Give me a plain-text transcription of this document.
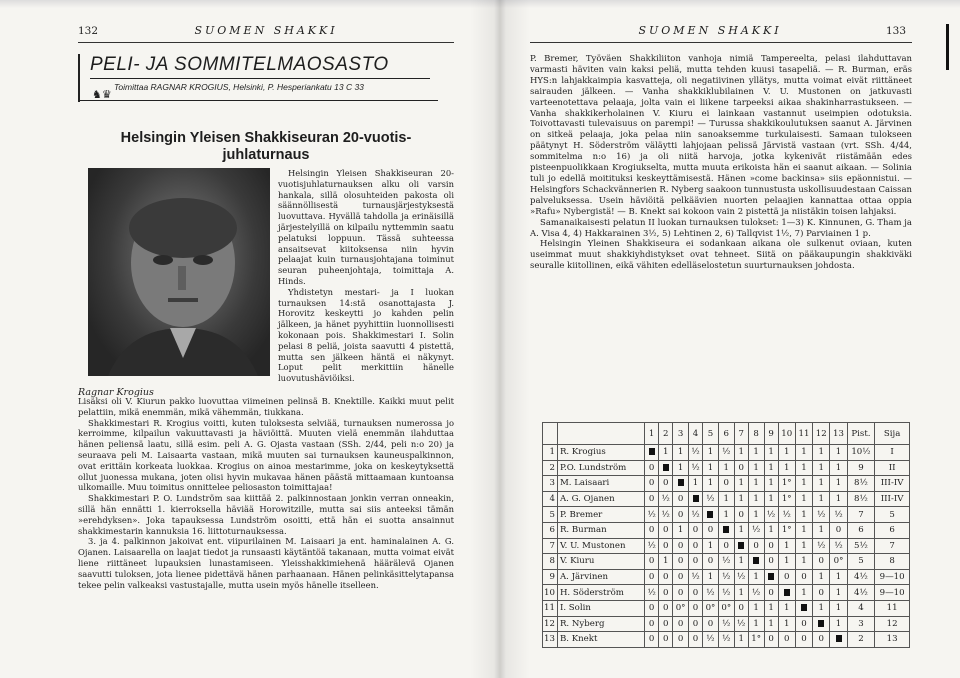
132	SUOMEN SHAKKI
PELI- JA SOMMITELMAOSASTO
♞♛
Toimittaa RAGNAR KROGIUS, Helsinki, P. Hesperiankatu 13 C 33
Helsingin Yleisen Shakkiseuran 20-vuotis-
juhlaturnaus
Ragnar Krogius

Helsingin Yleisen Shakkiseuran 20-vuotisjuhlaturnauksen alku oli varsin hankala, sillä olosuhteiden pakosta oli säännöllisestä turnausjärjestyksestä luovuttava. Hyvällä tahdolla ja erinäisillä järjestelyillä on kilpailu nyttemmin saatu pelatuksi loppuun. Tässä suhteessa ansaitsevat kiitoksensa niin hyvin pelaajat kuin turnausjohtajana toiminut seuran puheenjohtaja, toimittaja A. Hinds.

Yhdistetyn mestari- ja I luokan turnauksen 14:stä osanottajasta J. Horovitz keskeytti jo kahden pelin jälkeen, ja hänet pyyhittiin luonnollisesti kokonaan pois. Shakkimestari I. Solin pelasi 8 peliä, joista saavutti 4 pistettä, mutta sen jälkeen häntä ei näkynyt. Loput pelit merkittiin hänelle luovutushäviöiksi.

Lisäksi oli V. Kiurun pakko luovuttaa viimeinen pelinsä B. Knektille. Kaikki muut pelit pelattiin, mikä enemmän, mikä vähemmän, tiukkana.

Shakkimestari R. Krogius voitti, kuten tuloksesta selviää, turnauksen numerossa jo kerroimme, kilpailun vakuuttavasti ja häviöittä. Muuten vielä enemmän ilahduttaa hänen peliensä laatu, sillä esim. peli A. G. Ojasta vastaan (SSh. 2/44, peli n:o 20) ja seuraava peli M. Laisaarta vastaan, mikä muuten sai turnauksen kauneuspalkinnon, ovat erittäin korkeata luokkaa. Krogius on ainoa mestarimme, joka on keskeytyksettä ollut juonessa mukana, joten olisi hyvin mukavaa hänen päästä mittaamaan kuntoansa ulkomaille. Muu toimitus onnittelee peliosaston toimittajaa!

Shakkimestari P. O. Lundström saa kiittää 2. palkinnostaan jonkin verran onneakin, sillä hän ennätti 1. kierroksella häviää Horowitzille, mutta sai siis anteeksi tämän »erehdyksen». Joka tapauksessa Lundström osoitti, että hän ei suotta ansainnut shakkimestarin kannuksia 16. liittoturnauksessa.

3. ja 4. palkinnon jakoivat ent. viipurilainen M. Laisaari ja ent. haminalainen A. G. Ojanen. Laisaarella on laajat tiedot ja runsaasti käytäntöä takanaan, mutta voimat eivät liene riittäneet lupauksien lunastamiseen. Yleisshakkimiehenä häärälevä Ojanen saavutti tuloksen, jota lienee pidettävä hänen parhaanaan. Hänen pelinkäsittelytapansa tekee pelin valkeaksi vastustajalle, mutta usein myös hänelle itselleen.

SUOMEN SHAKKI	133

P. Bremer, Työväen Shakkiliiton vanhoja nimiä Tampereelta, pelasi ilahduttavan varmasti häviten vain kaksi peliä, mutta tehden kuusi tasapeliä. — R. Burman, eräs HYS:n lahjakkaimpia kasvatteja, oli negatiivinen yllätys, mutta voimat eivät riittäneet sairauden jälkeen. — Vanha shakkiklubilainen V. U. Mustonen on jatkuvasti varteenotettava pelaaja, jolta vain ei liikene tarpeeksi aikaa shakinharrastukseen. — Vanha shakkikerholainen V. Kiuru ei lainkaan vastannut useimpien odotuksia. Toivottavasti tulevaisuus on parempi! — Turussa shakkikoulutuksen saanut A. Järvinen on sitkeä pelaaja, joka pelaa niin sanoaksemme turkulaisesti. Samaan tulokseen päätynyt H. Söderström väläytti lahjojaan pelissä Järvistä vastaan (vrt. SSh. 4/44, sommitelma n:o 16) ja oli niitä harvoja, jotka kykenivät riistämään edes pisteenpuolikkaan Krogiukselta, mutta muuta erikoista hän ei saanut aikaan. — Solinia tuli jo edellä moitituksi keskeyttämisestä. Hänen »come backinsa» siis epäonnistui. — Helsingfors Schackvännerien R. Nyberg saakoon tunnustusta uskollisuudestaan Caissan palveluksessa. Usein häviöitä pelkäävien nuorten pelaajien kannattaa ottaa oppia »Rafu» Nybergistä! — B. Knekt sai kokoon vain 2 pistettä ja niistäkin toisen lahjaksi.

Samanaikaisesti pelatun II luokan turnauksen tulokset: 1—3) K. Kinnunen, G. Tham ja A. Visa 4, 4) Hakkarainen 3½, 5) Lehtinen 2, 6) Tallqvist 1½, 7) Parviainen 1 p.

Helsingin Yleinen Shakkiseura ei sodankaan aikana ole sulkenut oviaan, kuten useimmat muut shakkiyhdistykset ovat tehneet. Siitä on pääkaupungin shakkiväki seuralle kiitollinen, eikä vähiten edelläselostetun suurturnauksen johdosta.

		1	2	3	4	5	6	7	8	9	10	11	12	13	Pist.	Sija
1	R. Krogius		1	1	½	1	½	1	1	1	1	1	1	1	10½	I
2	P.O. Lundström	0		1	½	1	1	0	1	1	1	1	1	1	9	II
3	M. Laisaari	0	0		1	1	0	1	1	1	1°	1	1	1	8½	III-IV
4	A. G. Ojanen	0	½	0		½	1	1	1	1	1°	1	1	1	8½	III-IV
5	P. Bremer	½	½	0	½		1	0	1	½	½	1	½	½	7	5
6	R. Burman	0	0	1	0	0		1	½	1	1°	1	1	0	6	6
7	V. U. Mustonen	½	0	0	0	1	0		0	0	1	1	½	½	5½	7
8	V. Kiuru	0	1	0	0	0	½	1		0	1	1	0	0°	5	8
9	A. Järvinen	0	0	0	½	1	½	½	1		0	0	1	1	4½	9—10
10	H. Söderström	½	0	0	0	½	½	1	½	0		1	0	1	4½	9—10
11	I. Solin	0	0	0°	0	0°	0°	0	1	1	1		1	1	4	11
12	R. Nyberg	0	0	0	0	0	½	½	1	1	1	0		1	3	12
13	B. Knekt	0	0	0	0	½	½	1	1°	0	0	0	0		2	13
